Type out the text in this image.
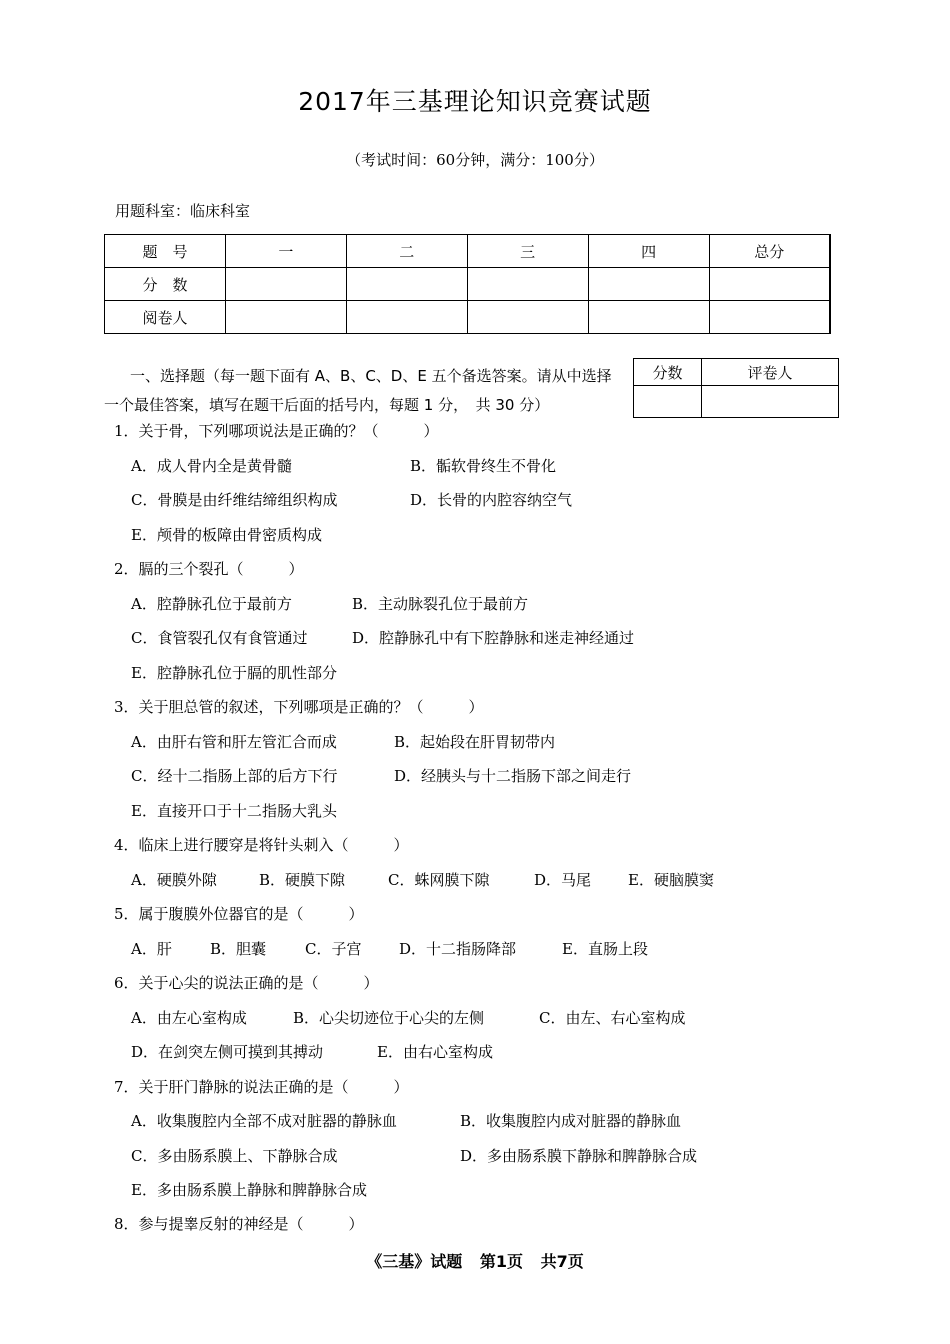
2017年三基理论知识竞赛试题
（考试时间：60分钟，满分：100分）
用题科室：临床科室
题　号	一	二	三	四	总分
分　数					
阅卷人					
分数	评卷人

一、选择题（每一题下面有 A、B、C、D、E 五个备选答案。请从中选择一个最佳答案，填写在题干后面的括号内，每题 1 分，　共 30 分）
1．关于骨，下列哪项说法是正确的？（　　　）
A．成人骨内全是黄骨髓	B．骺软骨终生不骨化
C．骨膜是由纤维结缔组织构成	D．长骨的内腔容纳空气
E．颅骨的板障由骨密质构成
2．膈的三个裂孔（　　　）
A．腔静脉孔位于最前方	B．主动脉裂孔位于最前方
C．食管裂孔仅有食管通过	D．腔静脉孔中有下腔静脉和迷走神经通过
E．腔静脉孔位于膈的肌性部分
3．关于胆总管的叙述，下列哪项是正确的？（　　　）
A．由肝右管和肝左管汇合而成	B．起始段在肝胃韧带内
C．经十二指肠上部的后方下行	D．经胰头与十二指肠下部之间走行
E．直接开口于十二指肠大乳头
4．临床上进行腰穿是将针头刺入（　　　）
A．硬膜外隙	B．硬膜下隙	C．蛛网膜下隙	D．马尾 E．硬脑膜窦
5．属于腹膜外位器官的是（　　　）
A．肝	B．胆囊	C．子宫	D．十二指肠降部	E．直肠上段
6．关于心尖的说法正确的是（　　　）
A．由左心室构成	B．心尖切迹位于心尖的左侧	C．由左、右心室构成
D．在剑突左侧可摸到其搏动	E．由右心室构成
7．关于肝门静脉的说法正确的是（　　　）
A．收集腹腔内全部不成对脏器的静脉血	B．收集腹腔内成对脏器的静脉血
C．多由肠系膜上、下静脉合成	D．多由肠系膜下静脉和脾静脉合成
E．多由肠系膜上静脉和脾静脉合成
8．参与提睾反射的神经是（　　　）
《三基》试题 第1页 共7页
